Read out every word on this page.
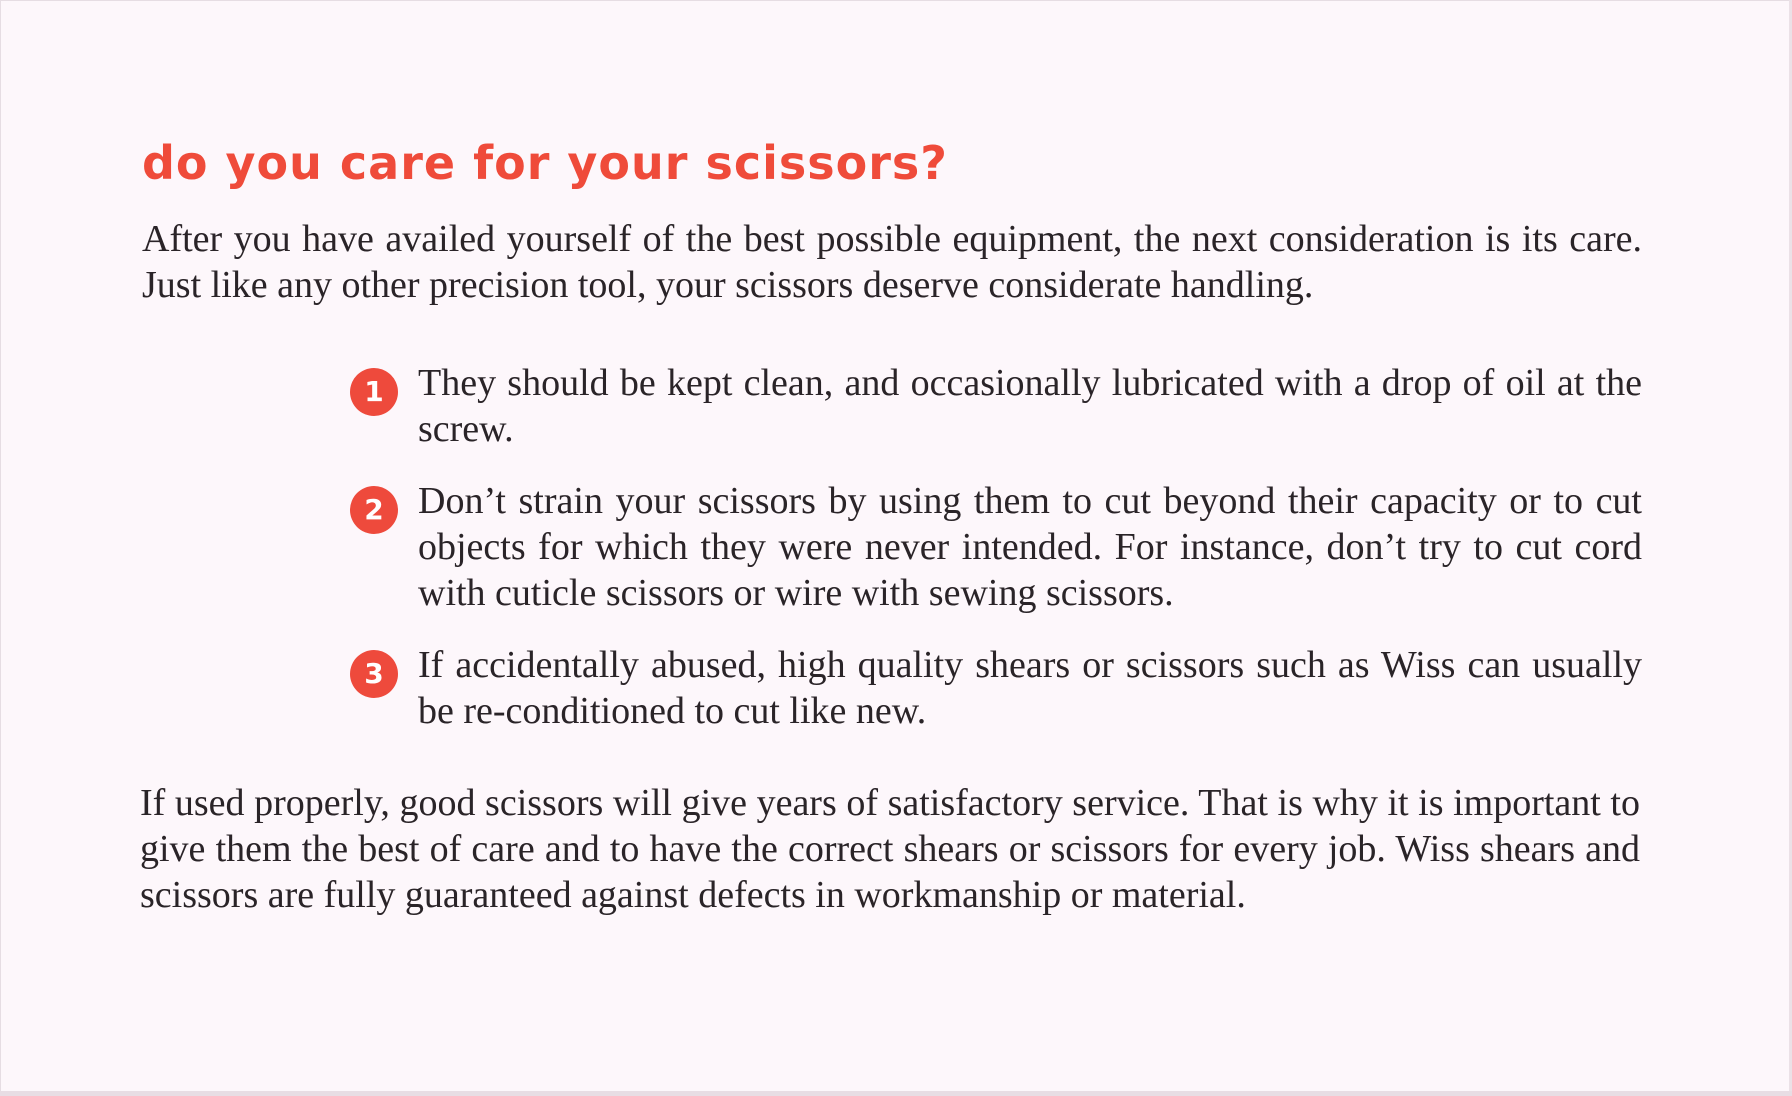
do you care for your scissors?

After you have availed yourself of the best possible equipment, the next consideration is its care. Just like any other precision tool, your scissors deserve considerate handling.

1 They should be kept clean, and occasionally lubricated with a drop of oil at the screw.

2 Don’t strain your scissors by using them to cut beyond their capacity or to cut objects for which they were never intended. For instance, don’t try to cut cord with cuticle scissors or wire with sewing scissors.

3 If accidentally abused, high quality shears or scissors such as Wiss can usually be re-conditioned to cut like new.

If used properly, good scissors will give years of satisfactory service. That is why it is important to give them the best of care and to have the correct shears or scissors for every job. Wiss shears and scissors are fully guaranteed against defects in workmanship or material.
